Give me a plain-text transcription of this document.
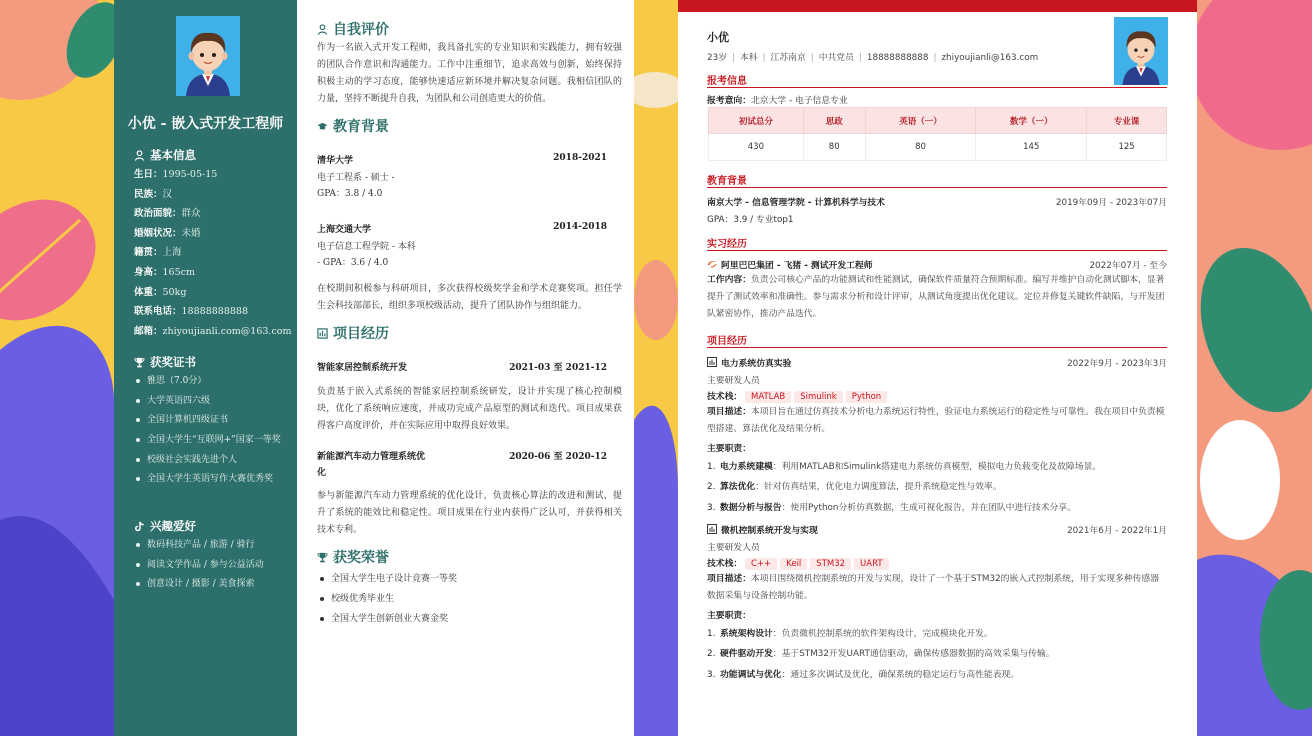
小优 - 嵌入式开发工程师
基本信息
生日：1995-05-15
民族：汉
政治面貌：群众
婚姻状况：未婚
籍贯：上海
身高：165cm
体重：50kg
联系电话：18888888888
邮箱：zhiyoujianli.com@163.com
获奖证书
雅思（7.0分）
大学英语四六级
全国计算机四级证书
全国大学生“互联网+”国家一等奖
校级社会实践先进个人
全国大学生英语写作大赛优秀奖
兴趣爱好
数码科技产品 / 旅游 / 骑行
阅读文学作品 / 参与公益活动
创意设计 / 摄影 / 美食探索
自我评价
作为一名嵌入式开发工程师，我具备扎实的专业知识和实践能力，拥有较强的团队合作意识和沟通能力。工作中注重细节，追求高效与创新，始终保持积极主动的学习态度，能够快速适应新环境并解决复杂问题。我相信团队的力量，坚持不断提升自我，为团队和公司创造更大的价值。
教育背景
清华大学	2018-2021
电子工程系 - 硕士 -
GPA：3.8 / 4.0
上海交通大学	2014-2018
电子信息工程学院 - 本科
- GPA：3.6 / 4.0
在校期间积极参与科研项目，多次获得校级奖学金和学术竞赛奖项。担任学生会科技部部长，组织多项校级活动，提升了团队协作与组织能力。
项目经历
智能家居控制系统开发	2021-03 至 2021-12
负责基于嵌入式系统的智能家居控制系统研发，设计并实现了核心控制模块，优化了系统响应速度，并成功完成产品原型的测试和迭代。项目成果获得客户高度评价，并在实际应用中取得良好效果。
新能源汽车动力管理系统优化
2020-06 至 2020-12
参与新能源汽车动力管理系统的优化设计，负责核心算法的改进和测试，提升了系统的能效比和稳定性。项目成果在行业内获得广泛认可，并获得相关技术专利。
获奖荣誉
全国大学生电子设计竞赛一等奖
校级优秀毕业生
全国大学生创新创业大赛金奖
小优
23岁 | 本科 | 江苏南京 | 中共党员 | 18888888888 | zhiyoujianli@163.com
报考信息
报考意向：北京大学 - 电子信息专业
初试总分	思政	英语（一）	数学（一）	专业课
430	80	80	145	125
教育背景
南京大学 - 信息管理学院 - 计算机科学与技术	2019年09月 - 2023年07月
GPA：3.9 / 专业top1
实习经历
阿里巴巴集团 - 飞猪 - 测试开发工程师	2022年07月 - 至今
工作内容：负责公司核心产品的功能测试和性能测试，确保软件质量符合预期标准。编写并维护自动化测试脚本，显著提升了测试效率和准确性。参与需求分析和设计评审，从测试角度提出优化建议。定位并修复关键软件缺陷，与开发团队紧密协作，推动产品迭代。
项目经历
电力系统仿真实验	2022年9月 - 2023年3月
主要研发人员
技术栈： MATLAB Simulink Python
项目描述：本项目旨在通过仿真技术分析电力系统运行特性，验证电力系统运行的稳定性与可靠性。我在项目中负责模型搭建、算法优化及结果分析。
主要职责：
1. 电力系统建模：利用MATLAB和Simulink搭建电力系统仿真模型，模拟电力负载变化及故障场景。
2. 算法优化：针对仿真结果，优化电力调度算法，提升系统稳定性与效率。
3. 数据分析与报告：使用Python分析仿真数据，生成可视化报告，并在团队中进行技术分享。
微机控制系统开发与实现	2021年6月 - 2022年1月
主要研发人员
技术栈： C++ Keil STM32 UART
项目描述：本项目围绕微机控制系统的开发与实现，设计了一个基于STM32的嵌入式控制系统，用于实现多种传感器数据采集与设备控制功能。
主要职责：
1. 系统架构设计：负责微机控制系统的软件架构设计，完成模块化开发。
2. 硬件驱动开发：基于STM32开发UART通信驱动，确保传感器数据的高效采集与传输。
3. 功能调试与优化：通过多次调试及优化，确保系统的稳定运行与高性能表现。
